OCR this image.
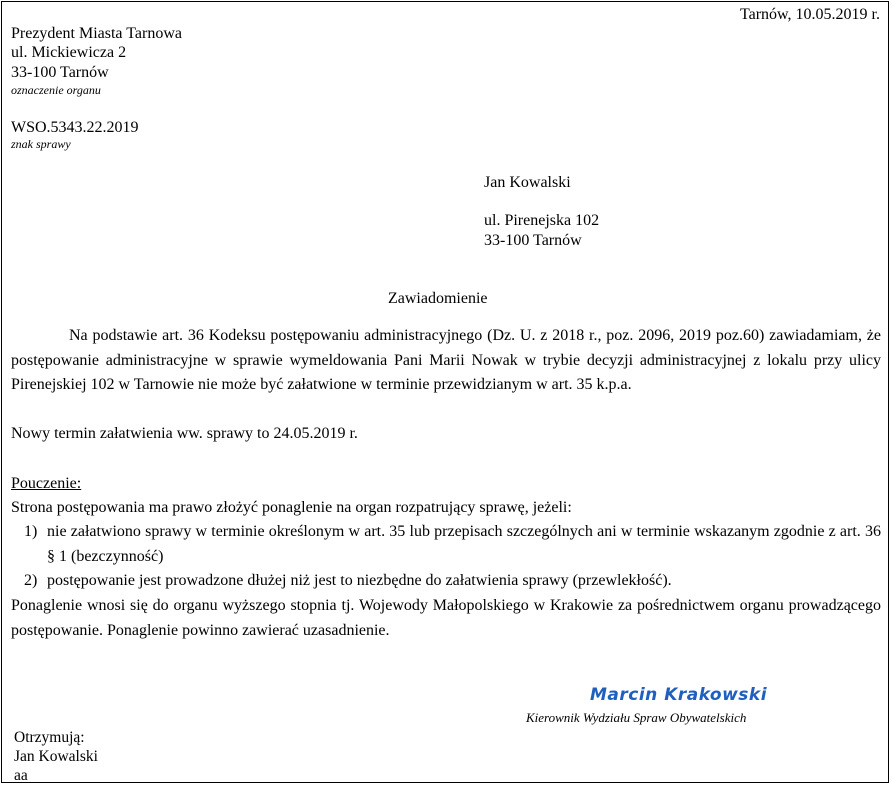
Tarnów, 10.05.2019 r.
Prezydent Miasta Tarnowa
ul. Mickiewicza 2
33-100 Tarnów
oznaczenie organu
WSO.5343.22.2019
znak sprawy
Jan Kowalski
ul. Pirenejska 102
33-100 Tarnów
Zawiadomienie
Na podstawie art. 36 Kodeksu postępowaniu administracyjnego (Dz. U. z 2018 r., poz. 2096, 2019 poz.60) zawiadamiam, że postępowanie administracyjne w sprawie wymeldowania Pani Marii Nowak w trybie decyzji administracyjnej z lokalu przy ulicy Pirenejskiej 102 w Tarnowie nie może być załatwione w terminie przewidzianym w art. 35 k.p.a.
Nowy termin załatwienia ww. sprawy to 24.05.2019 r.
Pouczenie:
Strona postępowania ma prawo złożyć ponaglenie na organ rozpatrujący sprawę, jeżeli:
1) nie załatwiono sprawy w terminie określonym w art. 35 lub przepisach szczególnych ani w terminie wskazanym zgodnie z art. 36 § 1 (bezczynność)
2) postępowanie jest prowadzone dłużej niż jest to niezbędne do załatwienia sprawy (przewlekłość).
Ponaglenie wnosi się do organu wyższego stopnia tj. Wojewody Małopolskiego w Krakowie za pośrednictwem organu prowadzącego postępowanie. Ponaglenie powinno zawierać uzasadnienie.
Marcin Krakowski
Kierownik Wydziału Spraw Obywatelskich
Otrzymują:
Jan Kowalski
aa
